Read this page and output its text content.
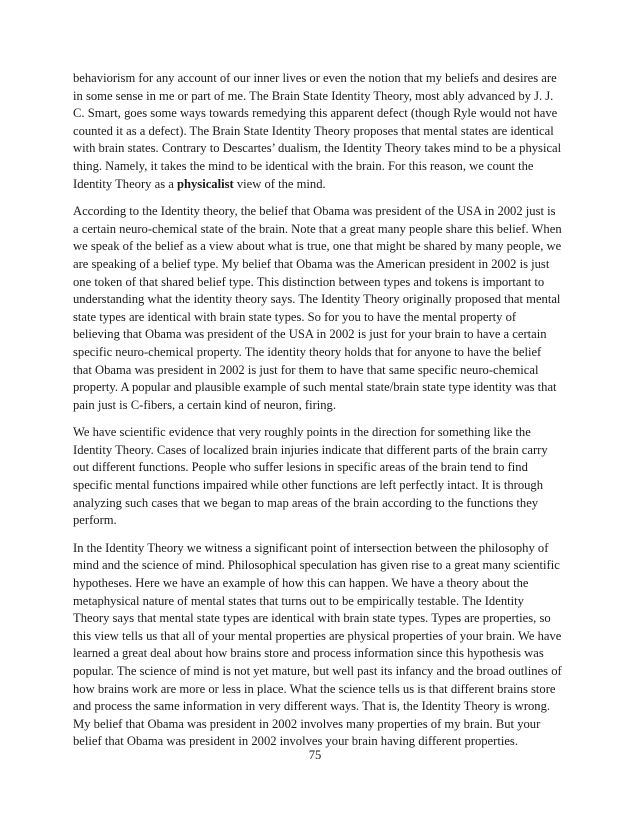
behaviorism for any account of our inner lives or even the notion that my beliefs and desires are in some sense in me or part of me. The Brain State Identity Theory, most ably advanced by J. J. C. Smart, goes some ways towards remedying this apparent defect (though Ryle would not have counted it as a defect). The Brain State Identity Theory proposes that mental states are identical with brain states. Contrary to Descartes’ dualism, the Identity Theory takes mind to be a physical thing. Namely, it takes the mind to be identical with the brain. For this reason, we count the Identity Theory as a physicalist view of the mind.

According to the Identity theory, the belief that Obama was president of the USA in 2002 just is a certain neuro-chemical state of the brain. Note that a great many people share this belief. When we speak of the belief as a view about what is true, one that might be shared by many people, we are speaking of a belief type. My belief that Obama was the American president in 2002 is just one token of that shared belief type. This distinction between types and tokens is important to understanding what the identity theory says. The Identity Theory originally proposed that mental state types are identical with brain state types. So for you to have the mental property of believing that Obama was president of the USA in 2002 is just for your brain to have a certain specific neuro-chemical property. The identity theory holds that for anyone to have the belief that Obama was president in 2002 is just for them to have that same specific neuro-chemical property. A popular and plausible example of such mental state/brain state type identity was that pain just is C-fibers, a certain kind of neuron, firing.

We have scientific evidence that very roughly points in the direction for something like the Identity Theory. Cases of localized brain injuries indicate that different parts of the brain carry out different functions. People who suffer lesions in specific areas of the brain tend to find specific mental functions impaired while other functions are left perfectly intact. It is through analyzing such cases that we began to map areas of the brain according to the functions they perform.

In the Identity Theory we witness a significant point of intersection between the philosophy of mind and the science of mind. Philosophical speculation has given rise to a great many scientific hypotheses. Here we have an example of how this can happen. We have a theory about the metaphysical nature of mental states that turns out to be empirically testable. The Identity Theory says that mental state types are identical with brain state types. Types are properties, so this view tells us that all of your mental properties are physical properties of your brain. We have learned a great deal about how brains store and process information since this hypothesis was popular. The science of mind is not yet mature, but well past its infancy and the broad outlines of how brains work are more or less in place. What the science tells us is that different brains store and process the same information in very different ways. That is, the Identity Theory is wrong. My belief that Obama was president in 2002 involves many properties of my brain. But your belief that Obama was president in 2002 involves your brain having different properties.

75
